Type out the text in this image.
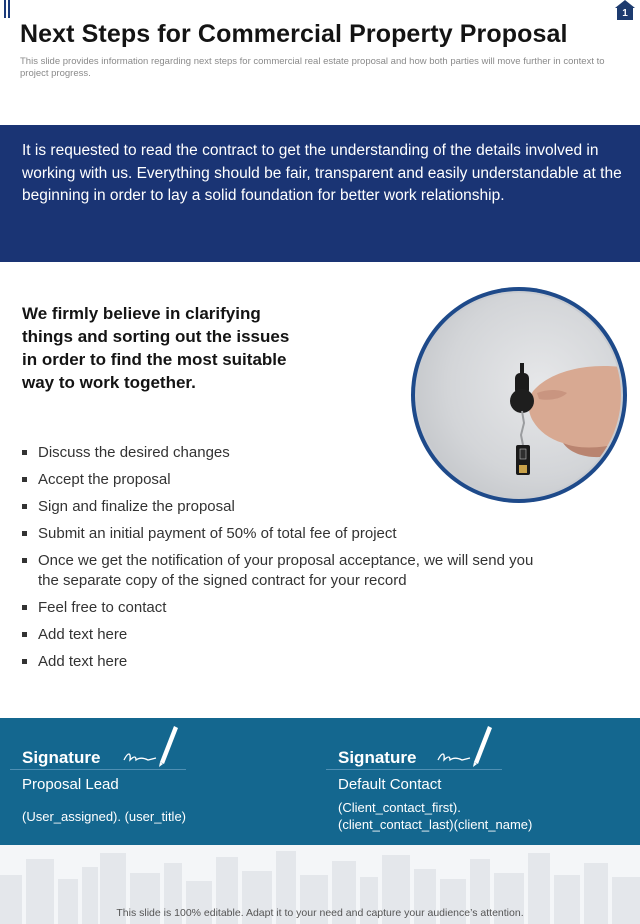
1
Next Steps for Commercial Property Proposal

This slide provides information regarding next steps for commercial real estate proposal and how both parties will move further in context to project progress.

It is requested to read the contract to get the understanding of the details involved in working with us. Everything should be fair, transparent and easily understandable at the beginning in order to lay a solid foundation for better work relationship.

We firmly believe in clarifying things and sorting out the issues in order to find the most suitable way to work together.

Discuss the desired changes
Accept the proposal
Sign and finalize the proposal
Submit an initial payment of 50% of total fee of project
Once we get the notification of your proposal acceptance, we will send you the separate copy of the signed contract for your record
Feel free to contact
Add text here
Add text here
Signature
Proposal Lead
(User_assigned). (user_title)
Signature
Default Contact
(Client_contact_first).
(client_contact_last)(client_name)
This slide is 100% editable. Adapt it to your need and capture your audience’s attention.
